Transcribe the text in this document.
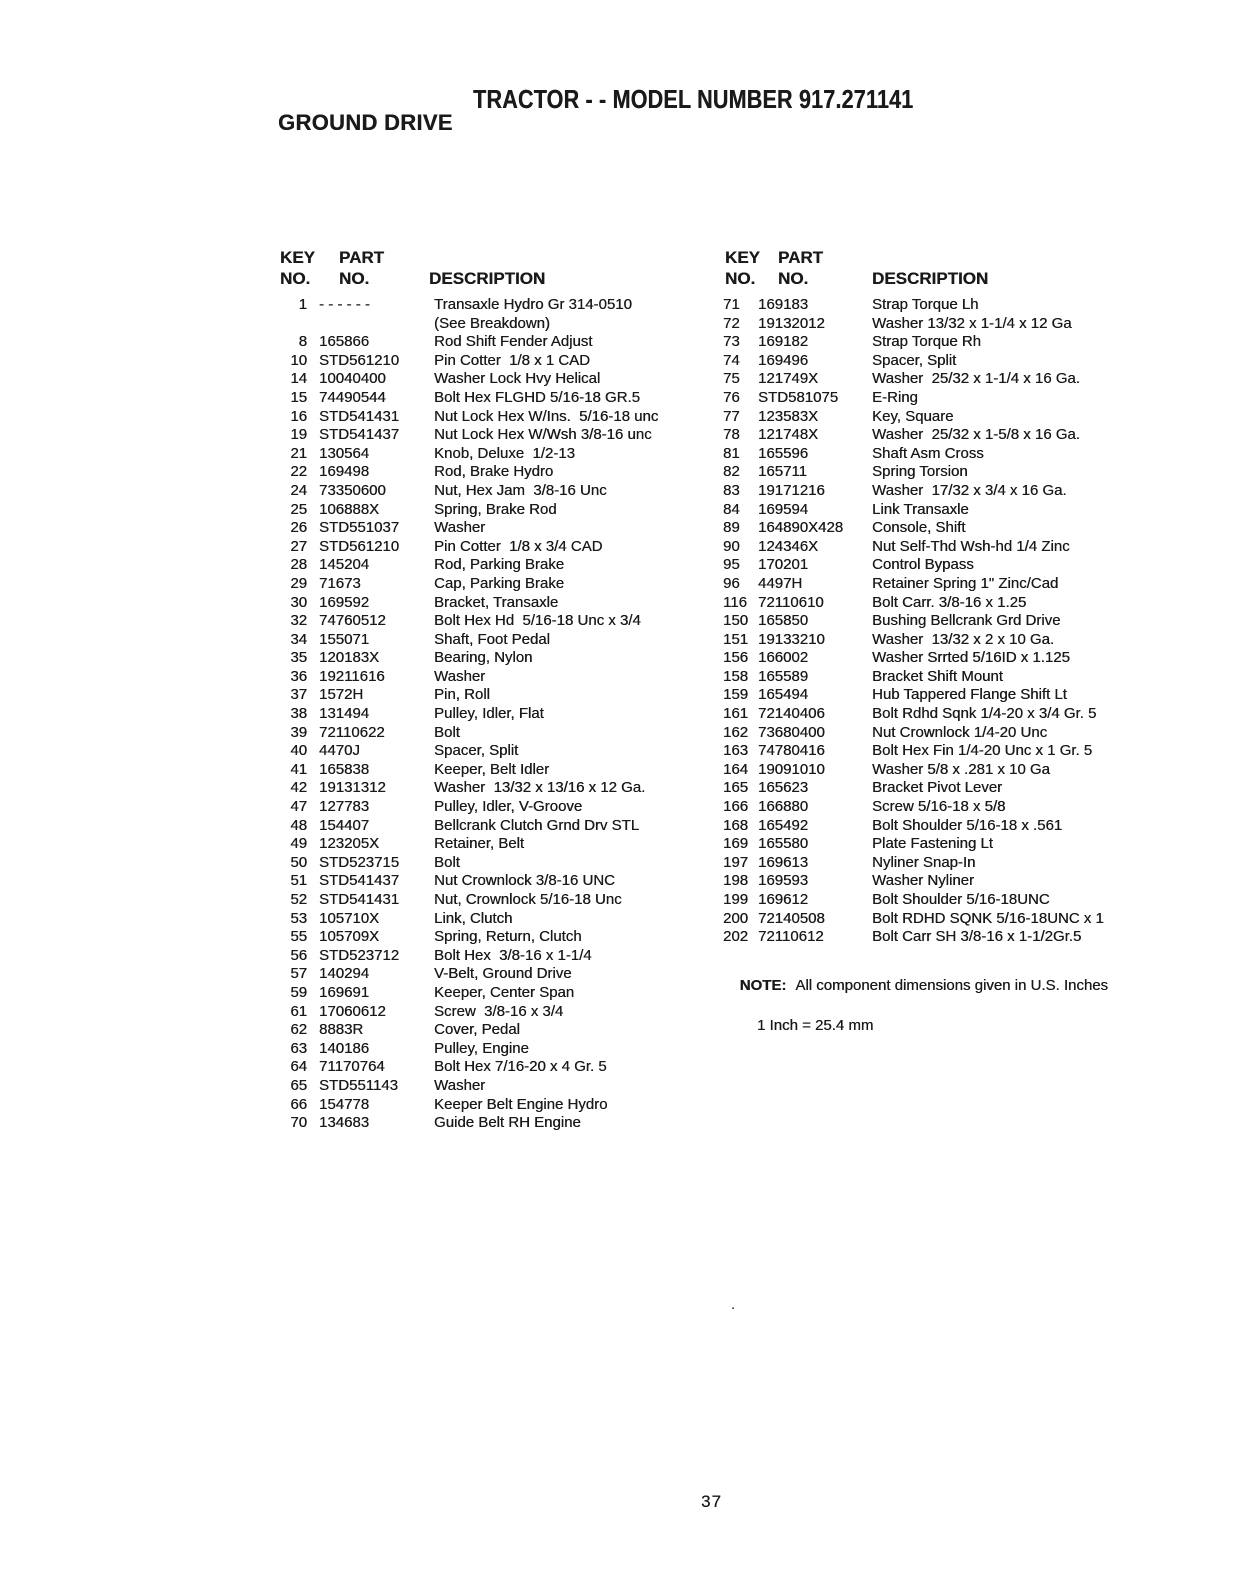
TRACTOR - - MODEL NUMBER 917.271141
GROUND DRIVE
KEY PART
NO. NO.	DESCRIPTION
KEY PART
NO. NO.	DESCRIPTION
1 - - - - - -	Transaxle Hydro Gr 314-0510
(See Breakdown)
8 165866	Rod Shift Fender Adjust
10 STD561210	Pin Cotter  1/8 x 1 CAD
14 10040400	Washer Lock Hvy Helical
15 74490544	Bolt Hex FLGHD 5/16-18 GR.5
16 STD541431	Nut Lock Hex W/Ins.  5/16-18 unc
19 STD541437	Nut Lock Hex W/Wsh 3/8-16 unc
21 130564	Knob, Deluxe  1/2-13
22 169498	Rod, Brake Hydro
24 73350600	Nut, Hex Jam  3/8-16 Unc
25 106888X	Spring, Brake Rod
26 STD551037	Washer
27 STD561210	Pin Cotter  1/8 x 3/4 CAD
28 145204	Rod, Parking Brake
29 71673	Cap, Parking Brake
30 169592	Bracket, Transaxle
32 74760512	Bolt Hex Hd  5/16-18 Unc x 3/4
34 155071	Shaft, Foot Pedal
35 120183X	Bearing, Nylon
36 19211616	Washer
37 1572H	Pin, Roll
38 131494	Pulley, Idler, Flat
39 72110622	Bolt
40 4470J	Spacer, Split
41 165838	Keeper, Belt Idler
42 19131312	Washer  13/32 x 13/16 x 12 Ga.
47 127783	Pulley, Idler, V-Groove
48 154407	Bellcrank Clutch Grnd Drv STL
49 123205X	Retainer, Belt
50 STD523715	Bolt
51 STD541437	Nut Crownlock 3/8-16 UNC
52 STD541431	Nut, Crownlock 5/16-18 Unc
53 105710X	Link, Clutch
55 105709X	Spring, Return, Clutch
56 STD523712	Bolt Hex  3/8-16 x 1-1/4
57 140294	V-Belt, Ground Drive
59 169691	Keeper, Center Span
61 17060612	Screw  3/8-16 x 3/4
62 8883R	Cover, Pedal
63 140186	Pulley, Engine
64 71170764	Bolt Hex 7/16-20 x 4 Gr. 5
65 STD551143	Washer
66 154778	Keeper Belt Engine Hydro
70 134683	Guide Belt RH Engine
71	169183	Strap Torque Lh
72	19132012	Washer 13/32 x 1-1/4 x 12 Ga
73	169182	Strap Torque Rh
74	169496	Spacer, Split
75	121749X	Washer  25/32 x 1-1/4 x 16 Ga.
76	STD581075	E-Ring
77	123583X	Key, Square
78	121748X	Washer  25/32 x 1-5/8 x 16 Ga.
81	165596	Shaft Asm Cross
82	165711	Spring Torsion
83	19171216	Washer  17/32 x 3/4 x 16 Ga.
84	169594	Link Transaxle
89	164890X428	Console, Shift
90	124346X	Nut Self-Thd Wsh-hd 1/4 Zinc
95	170201	Control Bypass
96	4497H	Retainer Spring 1" Zinc/Cad
116 72110610	Bolt Carr. 3/8-16 x 1.25
150 165850	Bushing Bellcrank Grd Drive
151 19133210	Washer  13/32 x 2 x 10 Ga.
156 166002	Washer Srrted 5/16ID x 1.125
158 165589	Bracket Shift Mount
159 165494	Hub Tappered Flange Shift Lt
161 72140406	Bolt Rdhd Sqnk 1/4-20 x 3/4 Gr. 5
162 73680400	Nut Crownlock 1/4-20 Unc
163 74780416	Bolt Hex Fin 1/4-20 Unc x 1 Gr. 5
164 19091010	Washer 5/8 x .281 x 10 Ga
165 165623	Bracket Pivot Lever
166 166880	Screw 5/16-18 x 5/8
168 165492	Bolt Shoulder 5/16-18 x .561
169 165580	Plate Fastening Lt
197 169613	Nyliner Snap-In
198 169593	Washer Nyliner
199 169612	Bolt Shoulder 5/16-18UNC
200 72140508	Bolt RDHD SQNK 5/16-18UNC x 1
202 72110612	Bolt Carr SH 3/8-16 x 1-1/2Gr.5

NOTE: All component dimensions given in U.S. Inches

1 Inch = 25.4 mm
.
37
